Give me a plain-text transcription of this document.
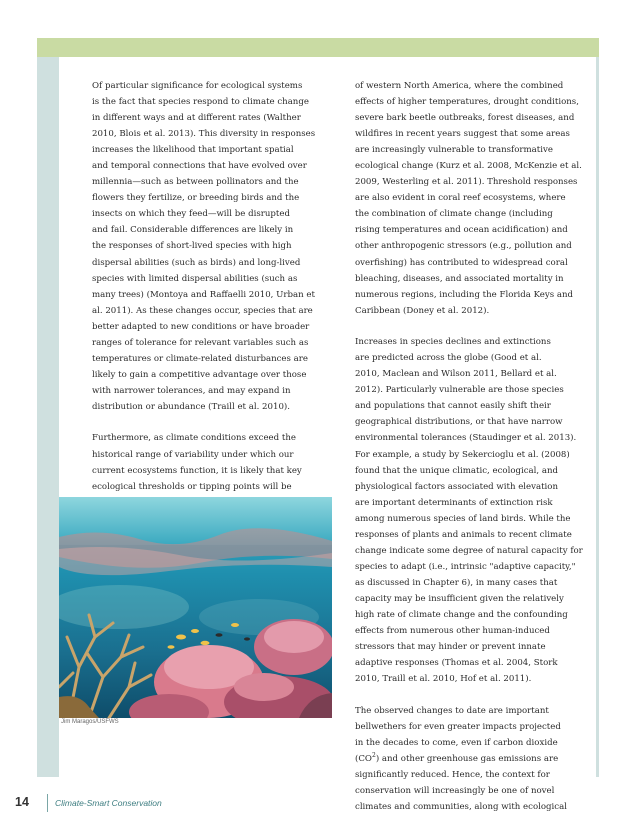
Of particular significance for ecological systems
is the fact that species respond to climate change
in different ways and at different rates (Walther
2010, Blois et al. 2013). This diversity in responses
increases the likelihood that important spatial
and temporal connections that have evolved over
millennia—such as between pollinators and the
flowers they fertilize, or breeding birds and the
insects on which they feed—will be disrupted
and fail. Considerable differences are likely in
the responses of short-lived species with high
dispersal abilities (such as birds) and long-lived
species with limited dispersal abilities (such as
many trees) (Montoya and Raffaelli 2010, Urban et
al. 2011). As these changes occur, species that are
better adapted to new conditions or have broader
ranges of tolerance for relevant variables such as
temperatures or climate-related disturbances are
likely to gain a competitive advantage over those
with narrower tolerances, and may expand in
distribution or abundance (Traill et al. 2010).

Furthermore, as climate conditions exceed the
historical range of variability under which our
current ecosystems function, it is likely that key
ecological thresholds or tipping points will be

Jim Maragos/USFWS

of western North America, where the combined
effects of higher temperatures, drought conditions,
severe bark beetle outbreaks, forest diseases, and
wildfires in recent years suggest that some areas
are increasingly vulnerable to transformative
ecological change (Kurz et al. 2008, McKenzie et al.
2009, Westerling et al. 2011). Threshold responses
are also evident in coral reef ecosystems, where
the combination of climate change (including
rising temperatures and ocean acidification) and
other anthropogenic stressors (e.g., pollution and
overfishing) has contributed to widespread coral
bleaching, diseases, and associated mortality in
numerous regions, including the Florida Keys and
Caribbean (Doney et al. 2012).

Increases in species declines and extinctions
are predicted across the globe (Good et al.
2010, Maclean and Wilson 2011, Bellard et al.
2012). Particularly vulnerable are those species
and populations that cannot easily shift their
geographical distributions, or that have narrow
environmental tolerances (Staudinger et al. 2013).
For example, a study by Sekercioglu et al. (2008)
found that the unique climatic, ecological, and
physiological factors associated with elevation
are important determinants of extinction risk
among numerous species of land birds. While the
responses of plants and animals to recent climate
change indicate some degree of natural capacity for
species to adapt (i.e., intrinsic "adaptive capacity,"
as discussed in Chapter 6), in many cases that
capacity may be insufficient given the relatively
high rate of climate change and the confounding
effects from numerous other human-induced
stressors that may hinder or prevent innate
adaptive responses (Thomas et al. 2004, Stork
2010, Traill et al. 2010, Hof et al. 2011).

The observed changes to date are important
bellwethers for even greater impacts projected
in the decades to come, even if carbon dioxide
$(CO^2)$ and other greenhouse gas emissions are
significantly reduced. Hence, the context for
conservation will increasingly be one of novel
climates and communities, along with ecological

14	Climate-Smart Conservation
